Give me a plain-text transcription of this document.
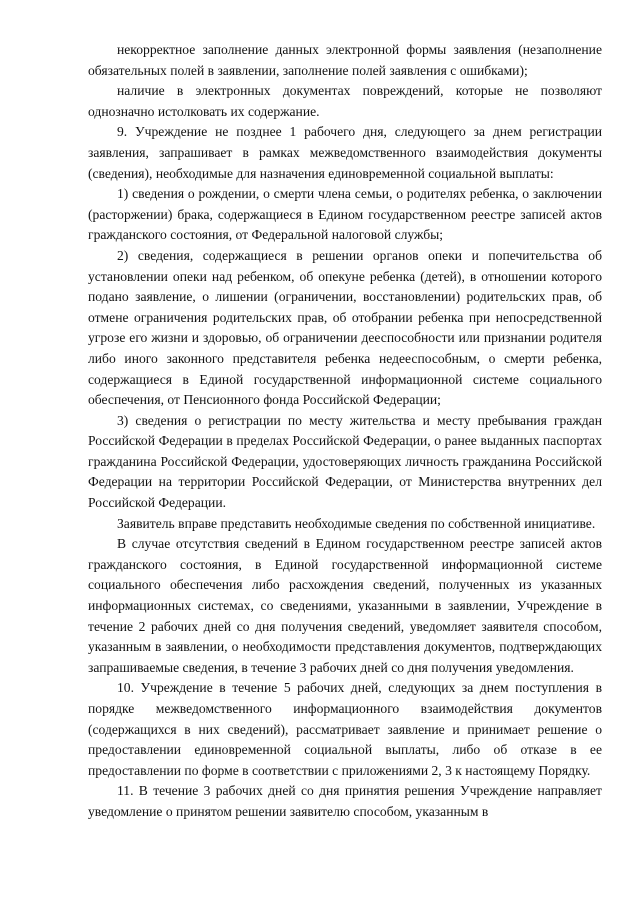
некорректное заполнение данных электронной формы заявления (незаполнение обязательных полей в заявлении, заполнение полей заявления с ошибками);

наличие в электронных документах повреждений, которые не позволяют однозначно истолковать их содержание.

9. Учреждение не позднее 1 рабочего дня, следующего за днем регистрации заявления, запрашивает в рамках межведомственного взаимодействия документы (сведения), необходимые для назначения единовременной социальной выплаты:

1) сведения о рождении, о смерти члена семьи, о родителях ребенка, о заключении (расторжении) брака, содержащиеся в Едином государственном реестре записей актов гражданского состояния, от Федеральной налоговой службы;

2) сведения, содержащиеся в решении органов опеки и попечительства об установлении опеки над ребенком, об опекуне ребенка (детей), в отношении которого подано заявление, о лишении (ограничении, восстановлении) родительских прав, об отмене ограничения родительских прав, об отобрании ребенка при непосредственной угрозе его жизни и здоровью, об ограничении дееспособности или признании родителя либо иного законного представителя ребенка недееспособным, о смерти ребенка, содержащиеся в Единой государственной информационной системе социального обеспечения, от Пенсионного фонда Российской Федерации;

3) сведения о регистрации по месту жительства и месту пребывания граждан Российской Федерации в пределах Российской Федерации, о ранее выданных паспортах гражданина Российской Федерации, удостоверяющих личность гражданина Российской Федерации на территории Российской Федерации, от Министерства внутренних дел Российской Федерации.

Заявитель вправе представить необходимые сведения по собственной инициативе.

В случае отсутствия сведений в Едином государственном реестре записей актов гражданского состояния, в Единой государственной информационной системе социального обеспечения либо расхождения сведений, полученных из указанных информационных системах, со сведениями, указанными в заявлении, Учреждение в течение 2 рабочих дней со дня получения сведений, уведомляет заявителя способом, указанным в заявлении, о необходимости представления документов, подтверждающих запрашиваемые сведения, в течение 3 рабочих дней со дня получения уведомления.

10. Учреждение в течение 5 рабочих дней, следующих за днем поступления в порядке межведомственного информационного взаимодействия документов (содержащихся в них сведений), рассматривает заявление и принимает решение о предоставлении единовременной социальной выплаты, либо об отказе в ее предоставлении по форме в соответствии с приложениями 2, 3 к настоящему Порядку.

11. В течение 3 рабочих дней со дня принятия решения Учреждение направляет уведомление о принятом решении заявителю способом, указанным в
